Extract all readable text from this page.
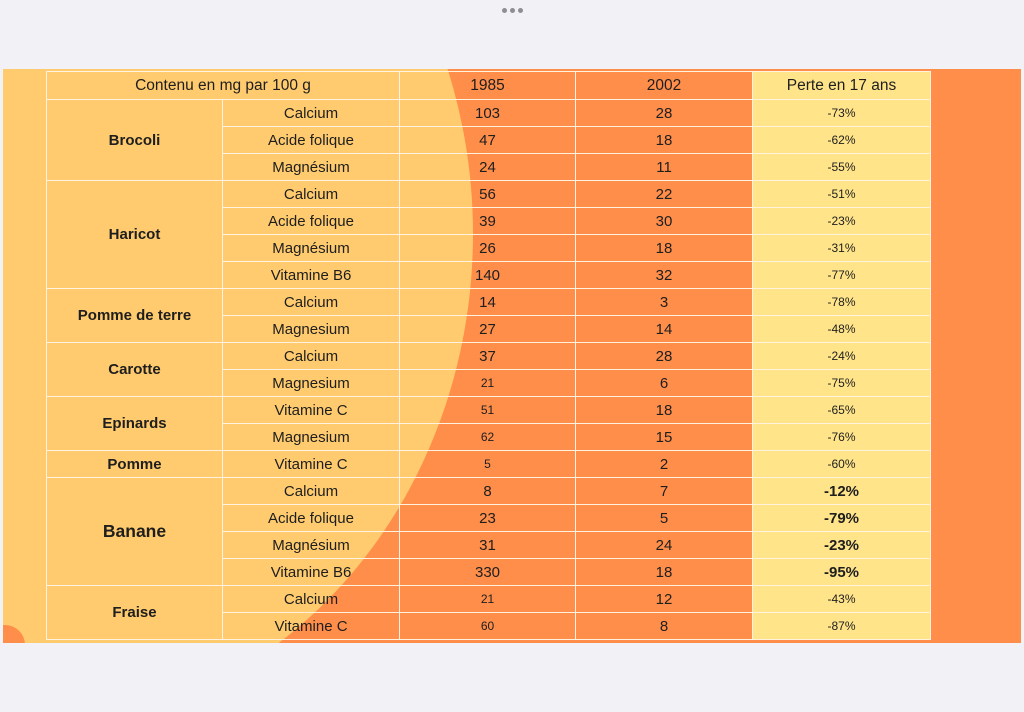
Contenu en mg par 100 g		1985	2002	Perte en 17 ans
Brocoli	Calcium	103	28	-73%
	Acide folique	47	18	-62%
	Magnésium	24	11	-55%
Haricot	Calcium	56	22	-51%
	Acide folique	39	30	-23%
	Magnésium	26	18	-31%
	Vitamine B6	140	32	-77%
Pomme de terre	Calcium	14	3	-78%
	Magnesium	27	14	-48%
Carotte	Calcium	37	28	-24%
	Magnesium	21	6	-75%
Epinards	Vitamine C	51	18	-65%
	Magnesium	62	15	-76%
Pomme	Vitamine C	5	2	-60%
Banane	Calcium	8	7	-12%
	Acide folique	23	5	-79%
	Magnésium	31	24	-23%
	Vitamine B6	330	18	-95%
Fraise	Calcium	21	12	-43%
	Vitamine C	60	8	-87%
